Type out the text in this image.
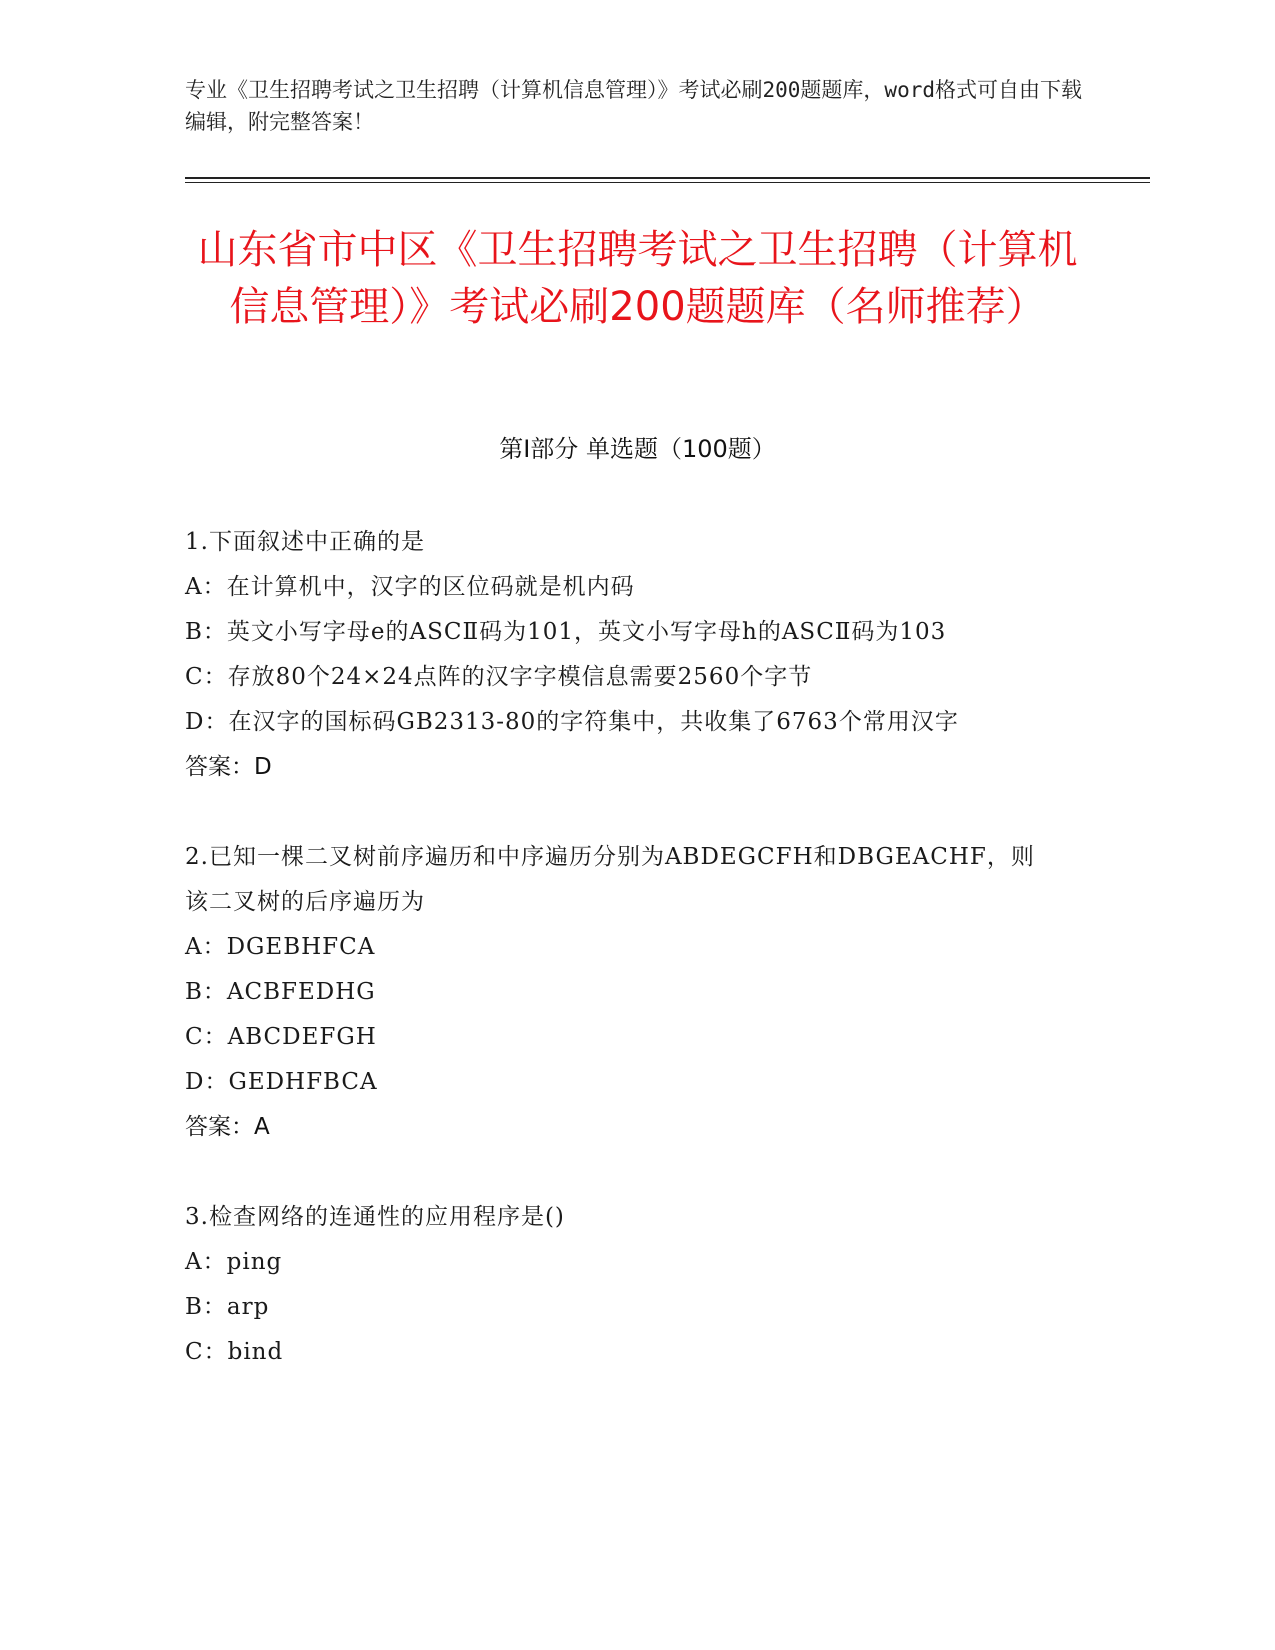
专业《卫生招聘考试之卫生招聘（计算机信息管理）》考试必刷200题题库，word格式可自由下载编辑，附完整答案！
山东省市中区《卫生招聘考试之卫生招聘（计算机信息管理）》考试必刷200题题库（名师推荐）
第Ⅰ部分 单选题（100题）
1.下面叙述中正确的是
A：在计算机中，汉字的区位码就是机内码
B：英文小写字母e的ASCⅡ码为101，英文小写字母h的ASCⅡ码为103
C：存放80个24×24点阵的汉字字模信息需要2560个字节
D：在汉字的国标码GB2313-80的字符集中，共收集了6763个常用汉字
答案：D
2.已知一棵二叉树前序遍历和中序遍历分别为ABDEGCFH和DBGEACHF，则该二叉树的后序遍历为
A：DGEBHFCA
B：ACBFEDHG
C：ABCDEFGH
D：GEDHFBCA
答案：A
3.检查网络的连通性的应用程序是()
A：ping
B：arp
C：bind
